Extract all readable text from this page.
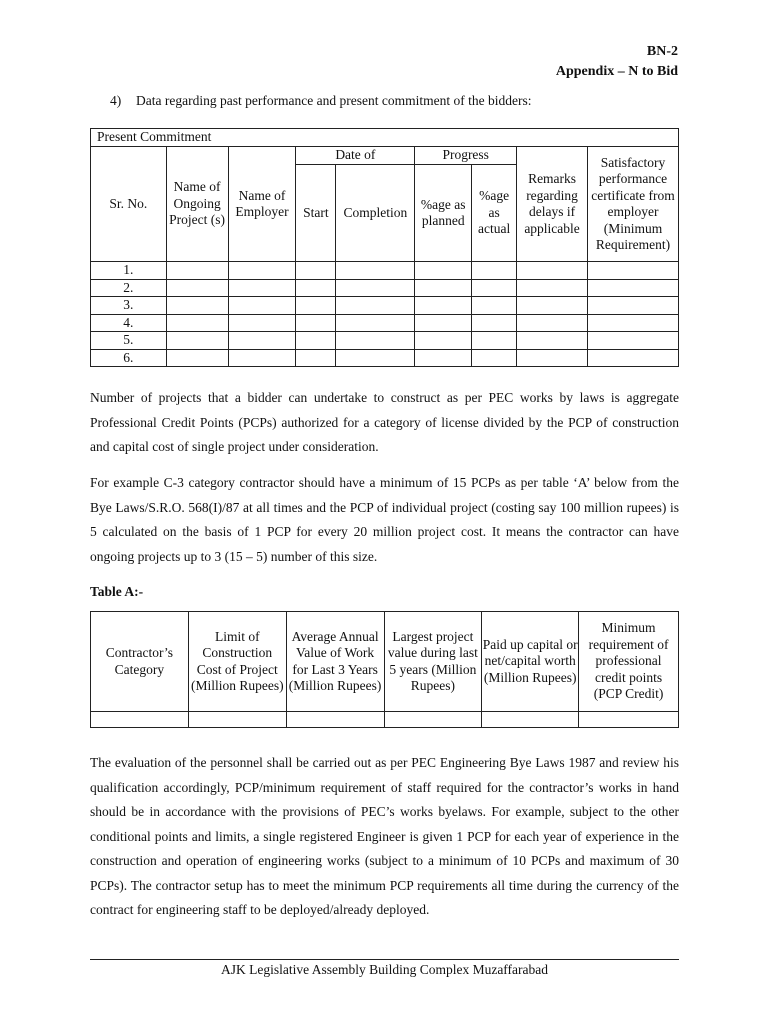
BN-2
Appendix – N to Bid
4) Data regarding past performance and present commitment of the bidders:
Present Commitment								
Sr. No.	Name of Ongoing Project (s)	Name of Employer	Date of		Progress		Remarks regarding delays if applicable	Satisfactory performance certificate from employer (Minimum Requirement)
			Start	Completion	%age as planned	%age as actual		
1.								
2.								
3.								
4.								
5.								
6.								

Number of projects that a bidder can undertake to construct as per PEC works by laws is aggregate Professional Credit Points (PCPs) authorized for a category of license divided by the PCP of construction and capital cost of single project under consideration.

For example C-3 category contractor should have a minimum of 15 PCPs as per table ‘A’ below from the Bye Laws/S.R.O. 568(I)/87 at all times and the PCP of individual project (costing say 100 million rupees) is 5 calculated on the basis of 1 PCP for every 20 million project cost. It means the contractor can have ongoing projects up to 3 (15 – 5) number of this size.

Table A:-
Contractor’s Category	Limit of Construction Cost of Project (Million Rupees)	Average Annual Value of Work for Last 3 Years (Million Rupees)	Largest project value during last 5 years (Million Rupees)	Paid up capital or net/capital worth (Million Rupees)	Minimum requirement of professional credit points (PCP Credit)

The evaluation of the personnel shall be carried out as per PEC Engineering Bye Laws 1987 and review his qualification accordingly, PCP/minimum requirement of staff required for the contractor’s works in hand should be in accordance with the provisions of PEC’s works byelaws. For example, subject to the other conditional points and limits, a single registered Engineer is given 1 PCP for each year of experience in the construction and operation of engineering works (subject to a minimum of 10 PCPs and maximum of 30 PCPs). The contractor setup has to meet the minimum PCP requirements all time during the currency of the contract for engineering staff to be deployed/already deployed.

AJK Legislative Assembly Building Complex Muzaffarabad
